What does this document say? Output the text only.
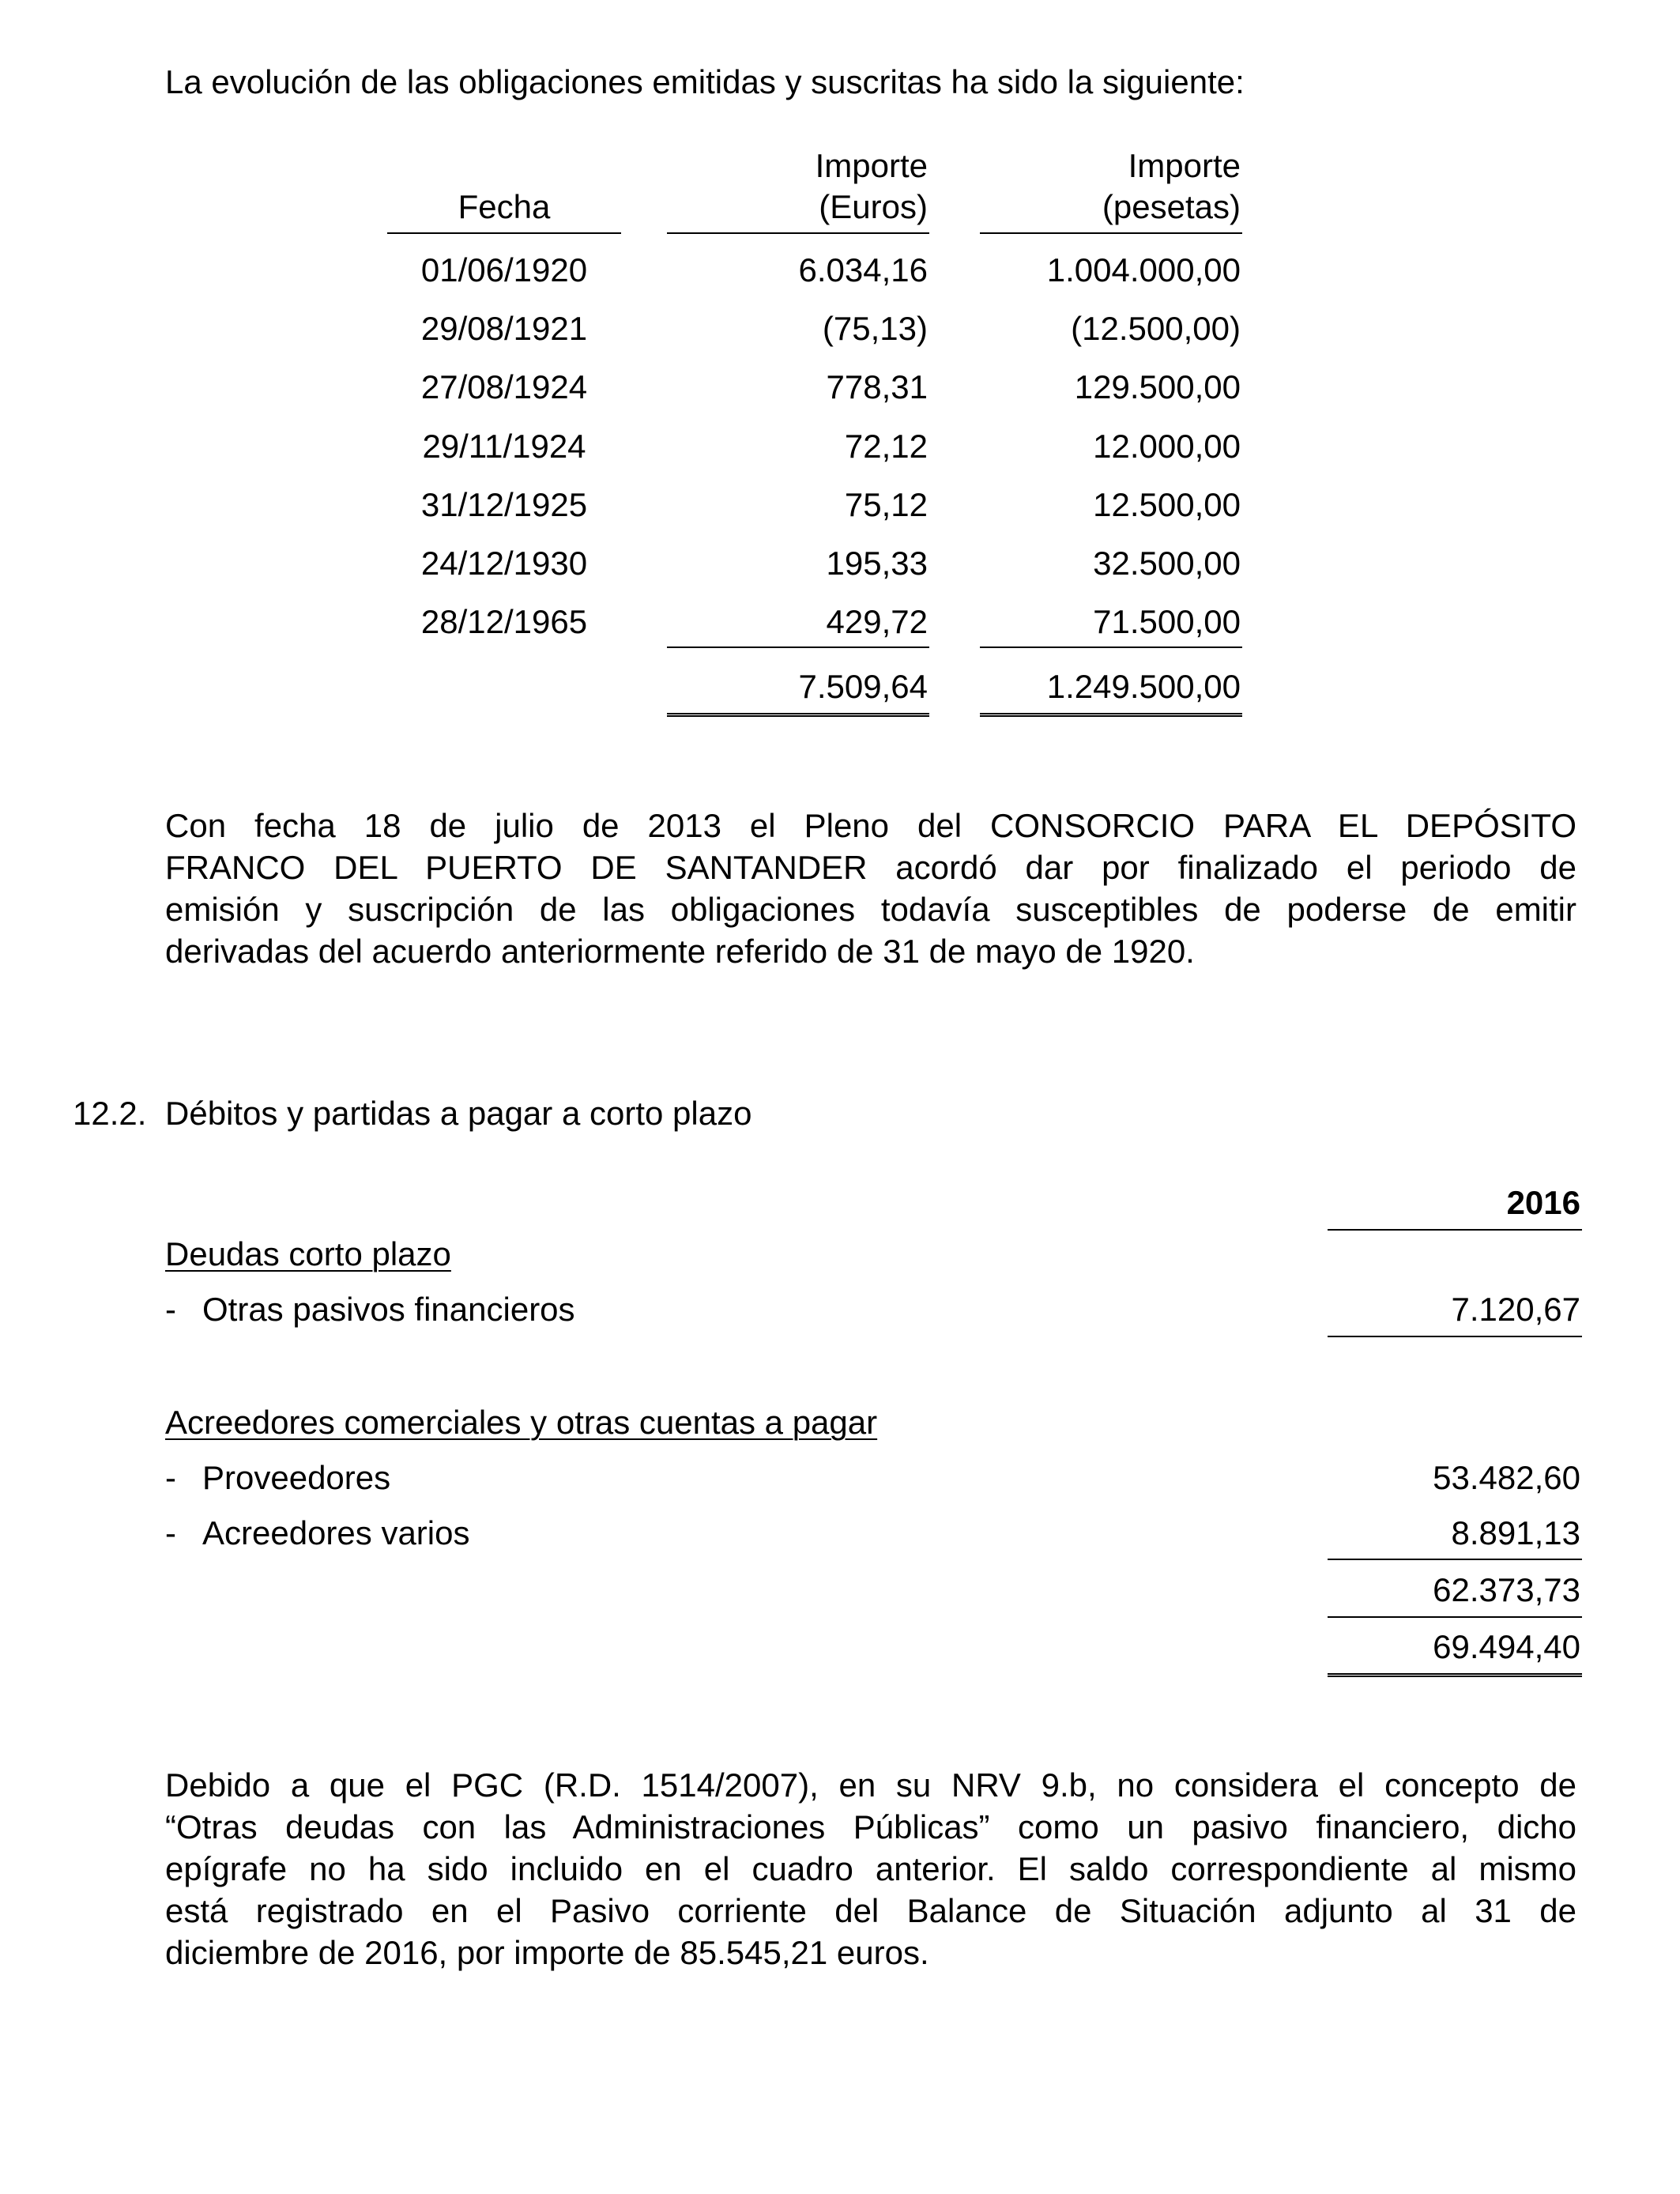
La evolución de las obligaciones emitidas y suscritas ha sido la siguiente:
Fecha
Importe
(Euros)
Importe
(pesetas)
01/06/1920	6.034,16	1.004.000,00
29/08/1921	(75,13)	(12.500,00)
27/08/1924	778,31	129.500,00
29/11/1924	72,12	12.000,00
31/12/1925	75,12	12.500,00
24/12/1930	195,33	32.500,00
28/12/1965	429,72	71.500,00
7.509,64	1.249.500,00
Con fecha 18 de julio de 2013 el Pleno del CONSORCIO PARA EL DEPÓSITO
FRANCO DEL PUERTO DE SANTANDER acordó dar por finalizado el periodo de
emisión y suscripción de las obligaciones todavía susceptibles de poderse de emitir
derivadas del acuerdo anteriormente referido de 31 de mayo de 1920.
12.2. Débitos y partidas a pagar a corto plazo
2016
Deudas corto plazo
- Otras pasivos financieros	7.120,67
Acreedores comerciales y otras cuentas a pagar
- Proveedores	53.482,60
- Acreedores varios	8.891,13
62.373,73
69.494,40
Debido a que el PGC (R.D. 1514/2007), en su NRV 9.b, no considera el concepto de
“Otras deudas con las Administraciones Públicas” como un pasivo financiero, dicho
epígrafe no ha sido incluido en el cuadro anterior. El saldo correspondiente al mismo
está registrado en el Pasivo corriente del Balance de Situación adjunto al 31 de
diciembre de 2016, por importe de 85.545,21 euros.
